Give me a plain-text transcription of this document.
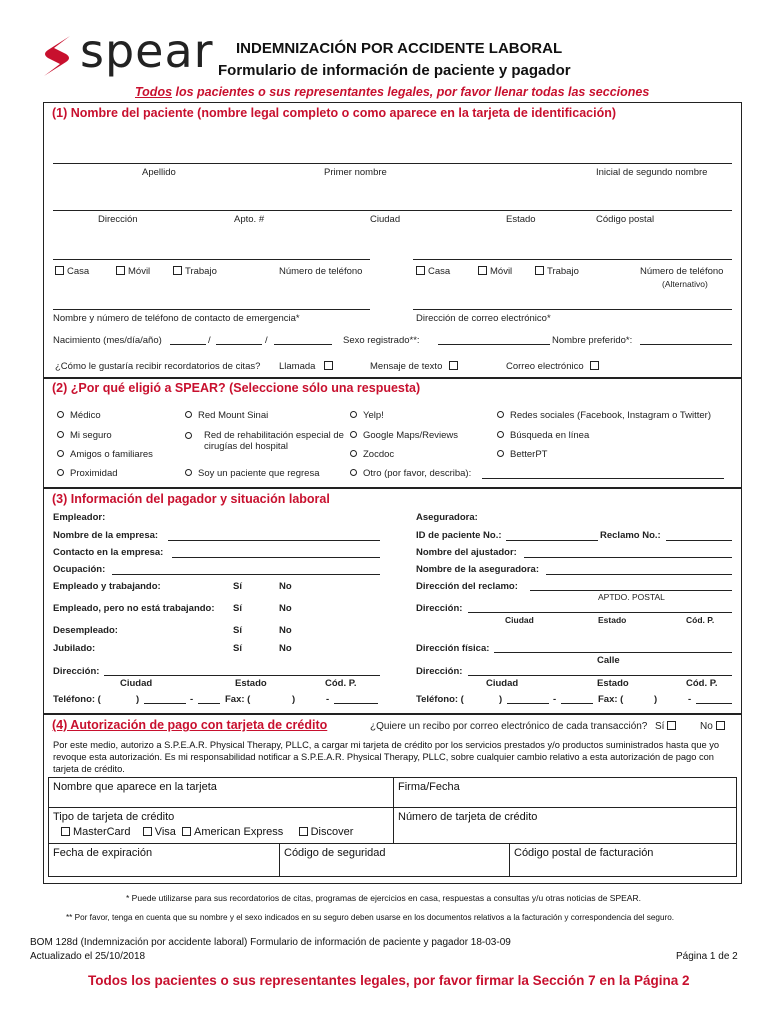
spear INDEMNIZACIÓN POR ACCIDENTE LABORAL
Formulario de información de paciente y pagador
Todos los pacientes o sus representantes legales, por favor llenar todas las secciones
(1) Nombre del paciente (nombre legal completo o como aparece en la tarjeta de identificación)
Apellido	Primer nombre	Inicial de segundo nombre
Dirección	Apto. #	Ciudad	Estado	Código postal
Casa	Móvil	Trabajo	Número de teléfono	Casa	Móvil	Trabajo	Número de teléfono
(Alternativo)
Nombre y número de teléfono de contacto de emergencia*	Dirección de correo electrónico*
Nacimiento (mes/día/año)	/	/	Sexo registrado**:	Nombre preferido*:
¿Cómo le gustaría recibir recordatorios de citas? Llamada	Mensaje de texto	Correo electrónico
(2) ¿Por qué eligió a SPEAR? (Seleccione sólo una respuesta)
Médico
Mi seguro
Amigos o familiares
Proximidad
Red Mount Sinai
Red de rehabilitación especial de cirugías del hospital
Soy un paciente que regresa
Yelp!
Google Maps/Reviews
Zocdoc
Otro (por favor, describa):
Redes sociales (Facebook, Instagram o Twitter)
Búsqueda en línea
BetterPT
(3) Información del pagador y situación laboral
Empleador:
Nombre de la empresa:
Contacto en la empresa:
Ocupación:
Empleado y trabajando:	Sí	No
Empleado, pero no está trabajando: Sí	No
Desempleado:	Sí	No
Jubilado:	Sí	No
Dirección:
Ciudad	Estado	Cód. P.
Teléfono: (	)	-	Fax: (	)	-
Aseguradora:
ID de paciente No.:	Reclamo No.:
Nombre del ajustador:
Nombre de la aseguradora:
Dirección del reclamo:
APTDO. POSTAL
Dirección:
Ciudad	Estado	Cód. P.
Dirección física:
Calle
Dirección:
Ciudad	Estado	Cód. P.
Teléfono: (	)	-	Fax: (	)	-
(4) Autorización de pago con tarjeta de crédito	¿Quiere un recibo por correo electrónico de cada transacción? Sí	No
Por este medio, autorizo a S.P.E.A.R. Physical Therapy, PLLC, a cargar mi tarjeta de crédito por los servicios prestados y/o productos suministrados hasta que yo revoque esta autorización. Es mi responsabilidad notificar a S.P.E.A.R. Physical Therapy, PLLC, sobre cualquier cambio relativo a esta autorización de pago con tarjeta de crédito.
Nombre que aparece en la tarjeta	Firma/Fecha
Tipo de tarjeta de crédito
MasterCard Visa American Express Discover
Número de tarjeta de crédito
Fecha de expiración	Código de seguridad	Código postal de facturación
* Puede utilizarse para sus recordatorios de citas, programas de ejercicios en casa, respuestas a consultas y/u otras noticias de SPEAR.
** Por favor, tenga en cuenta que su nombre y el sexo indicados en su seguro deben usarse en los documentos relativos a la facturación y correspondencia del seguro.
BOM 128d (Indemnización por accidente laboral) Formulario de información de paciente y pagador 18-03-09
Actualizado el 25/10/2018	Página 1 de 2
Todos los pacientes o sus representantes legales, por favor firmar la Sección 7 en la Página 2
